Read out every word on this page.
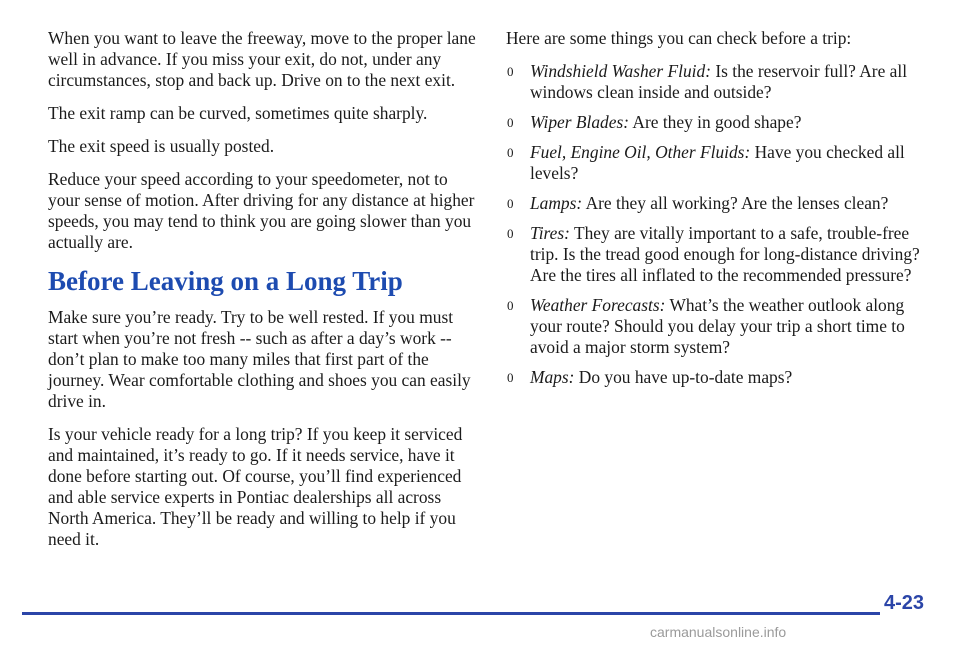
When you want to leave the freeway, move to the proper lane well in advance. If you miss your exit, do not, under any circumstances, stop and back up. Drive on to the next exit.

The exit ramp can be curved, sometimes quite sharply.

The exit speed is usually posted.

Reduce your speed according to your speedometer, not to your sense of motion. After driving for any distance at higher speeds, you may tend to think you are going slower than you actually are.

Before Leaving on a Long Trip

Make sure you’re ready. Try to be well rested. If you must start when you’re not fresh -- such as after a day’s work -- don’t plan to make too many miles that first part of the journey. Wear comfortable clothing and shoes you can easily drive in.

Is your vehicle ready for a long trip? If you keep it serviced and maintained, it’s ready to go. If it needs service, have it done before starting out. Of course, you’ll find experienced and able service experts in Pontiac dealerships all across North America. They’ll be ready and willing to help if you need it.

Here are some things you can check before a trip:

0 Windshield Washer Fluid: Is the reservoir full? Are all windows clean inside and outside?
0 Wiper Blades: Are they in good shape?
0 Fuel, Engine Oil, Other Fluids: Have you checked all levels?
0 Lamps: Are they all working? Are the lenses clean?
0 Tires: They are vitally important to a safe, trouble-free trip. Is the tread good enough for long-distance driving? Are the tires all inflated to the recommended pressure?
0 Weather Forecasts: What’s the weather outlook along your route? Should you delay your trip a short time to avoid a major storm system?
0 Maps: Do you have up-to-date maps?
4-23
carmanualsonline.info
